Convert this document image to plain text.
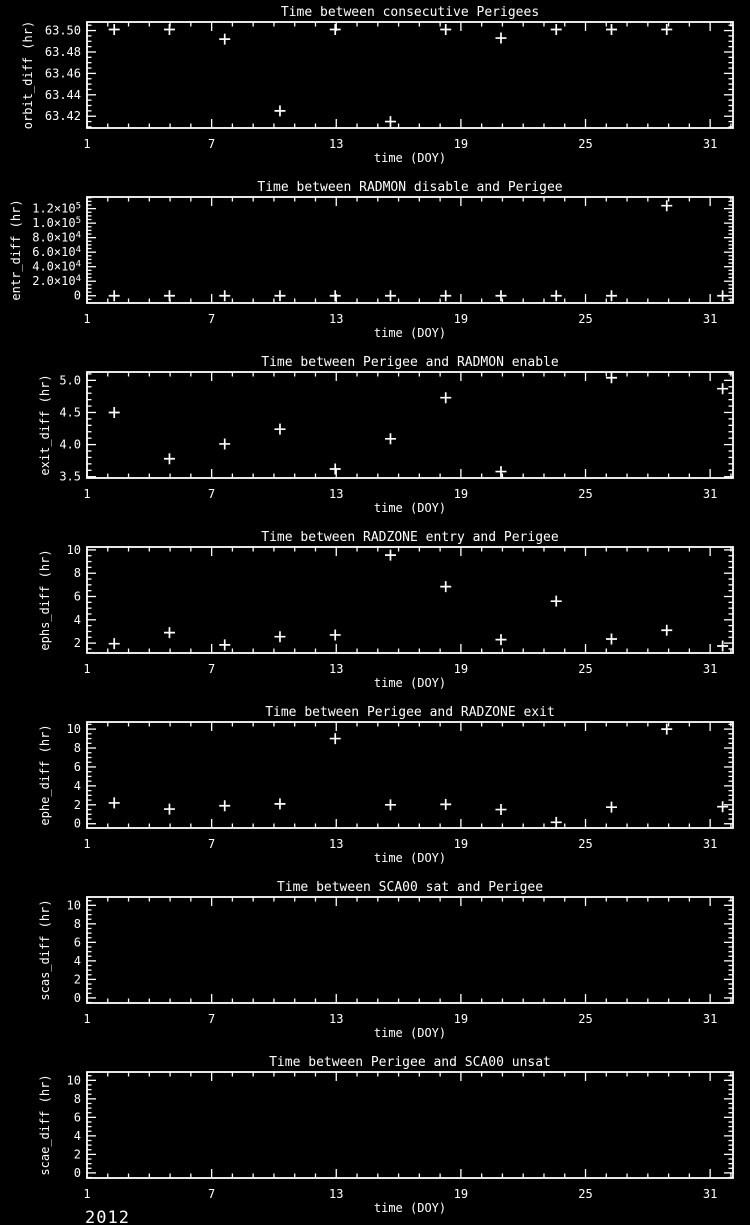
Time between consecutive Perigees
1	7	13	19	25	31
time (DOY)
63.42
63.44
63.46
63.48
63.50
orbit_diff (hr)
Time between RADMON disable and Perigee
1	7	13	19	25	31
time (DOY)
0
$2.0\times 10^4$
$4.0\times 10^4$
$6.0\times 10^4$
$8.0\times 10^4$
$1.0\times 10^5$
$1.2\times 10^5$
entr_diff (hr)
Time between Perigee and RADMON enable
1	7	13	19	25	31
time (DOY)
3.5
4.0
4.5
5.0
exit_diff (hr)
Time between RADZONE entry and Perigee
1	7	13	19	25	31
time (DOY)
2
4
6
8
10
ephs_diff (hr)
Time between Perigee and RADZONE exit
1	7	13	19	25	31
time (DOY)
0
2
4
6
8
10
ephe_diff (hr)
Time between SCA00 sat and Perigee
1	7	13	19	25	31
time (DOY)
0
2
4
6
8
10
scas_diff (hr)
Time between Perigee and SCA00 unsat
1	7	13	19	25	31
time (DOY)
0
2
4
6
8
10
scae_diff (hr)
2012
